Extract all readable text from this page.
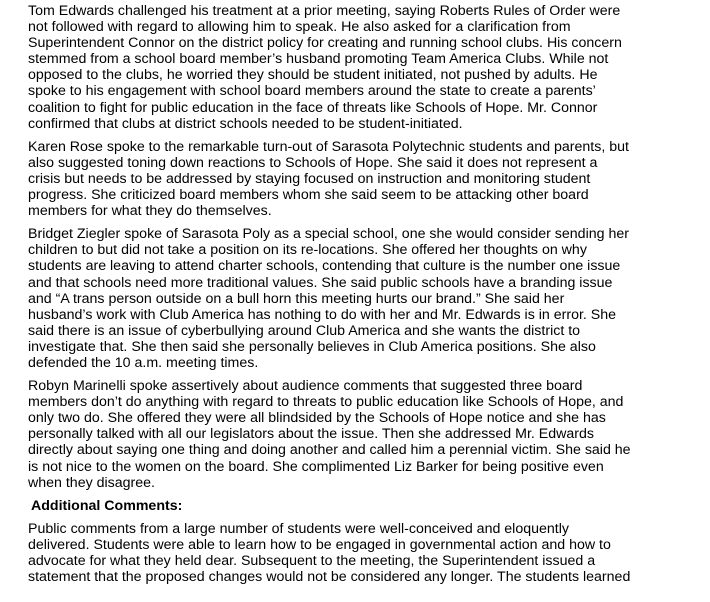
Tom Edwards challenged his treatment at a prior meeting, saying Roberts Rules of Order were
not followed with regard to allowing him to speak. He also asked for a clarification from
Superintendent Connor on the district policy for creating and running school clubs. His concern
stemmed from a school board member’s husband promoting Team America Clubs. While not
opposed to the clubs, he worried they should be student initiated, not pushed by adults. He
spoke to his engagement with school board members around the state to create a parents’
coalition to fight for public education in the face of threats like Schools of Hope. Mr. Connor
confirmed that clubs at district schools needed to be student-initiated.

Karen Rose spoke to the remarkable turn-out of Sarasota Polytechnic students and parents, but
also suggested toning down reactions to Schools of Hope. She said it does not represent a
crisis but needs to be addressed by staying focused on instruction and monitoring student
progress. She criticized board members whom she said seem to be attacking other board
members for what they do themselves.

Bridget Ziegler spoke of Sarasota Poly as a special school, one she would consider sending her
children to but did not take a position on its re-locations. She offered her thoughts on why
students are leaving to attend charter schools, contending that culture is the number one issue
and that schools need more traditional values. She said public schools have a branding issue
and “A trans person outside on a bull horn this meeting hurts our brand.” She said her
husband’s work with Club America has nothing to do with her and Mr. Edwards is in error. She
said there is an issue of cyberbullying around Club America and she wants the district to
investigate that. She then said she personally believes in Club America positions. She also
defended the 10 a.m. meeting times.

Robyn Marinelli spoke assertively about audience comments that suggested three board
members don’t do anything with regard to threats to public education like Schools of Hope, and
only two do. She offered they were all blindsided by the Schools of Hope notice and she has
personally talked with all our legislators about the issue. Then she addressed Mr. Edwards
directly about saying one thing and doing another and called him a perennial victim. She said he
is not nice to the women on the board. She complimented Liz Barker for being positive even
when they disagree.

Additional Comments:

Public comments from a large number of students were well-conceived and eloquently
delivered. Students were able to learn how to be engaged in governmental action and how to
advocate for what they held dear. Subsequent to the meeting, the Superintendent issued a
statement that the proposed changes would not be considered any longer. The students learned
